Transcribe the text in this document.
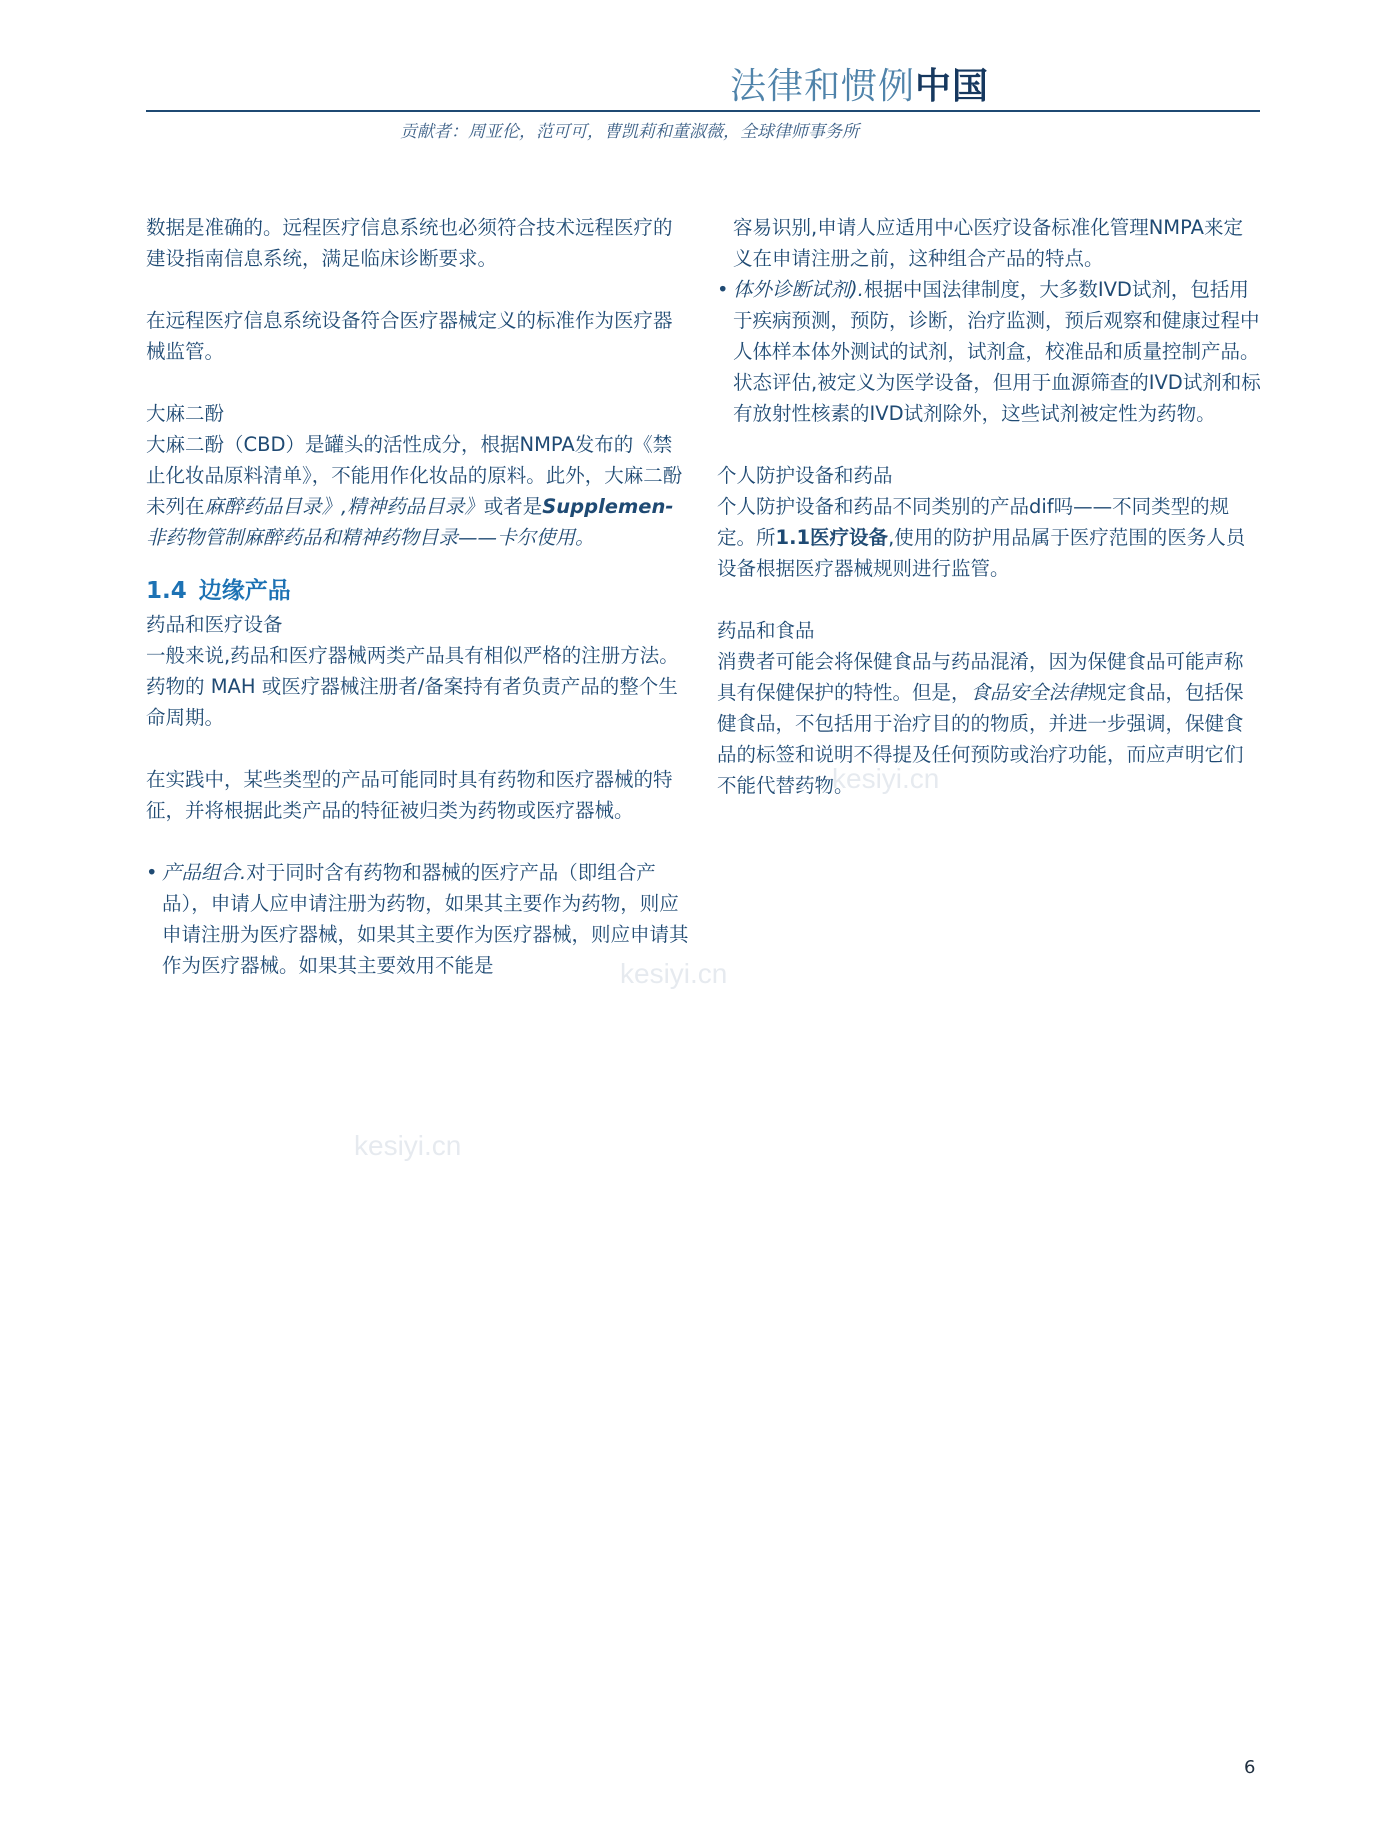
法律和惯例中国
贡献者：周亚伦，范可可，曹凯莉和董淑薇，全球律师事务所
kesiyi.cn
kesiyi.cn
kesiyi.cn

数据是准确的。远程医疗信息系统也必须符合技术远程医疗的建设指南信息系统，满足临床诊断要求。

在远程医疗信息系统设备符合医疗器械定义的标准作为医疗器械监管。

大麻二酚

大麻二酚（CBD）是罐头的活性成分，根据NMPA发布的《禁止化妆品原料清单》，不能用作化妆品的原料。此外，大麻二酚未列在麻醉药品目录》,精神药品目录》或者是Supplemen-非药物管制麻醉药品和精神药物目录——卡尔使用。

1.4 边缘产品

药品和医疗设备

一般来说,药品和医疗器械两类产品具有相似严格的注册方法。药物的 MAH 或医疗器械注册者/备案持有者负责产品的整个生命周期。

在实践中，某些类型的产品可能同时具有药物和医疗器械的特征，并将根据此类产品的特征被归类为药物或医疗器械。

• 产品组合.对于同时含有药物和器械的医疗产品（即组合产品），申请人应申请注册为药物，如果其主要作为药物，则应申请注册为医疗器械，如果其主要作为医疗器械，则应申请其作为医疗器械。如果其主要效用不能是

容易识别,申请人应适用中心医疗设备标准化管理NMPA来定义在申请注册之前，这种组合产品的特点。

• 体外诊断试剂).根据中国法律制度，大多数IVD试剂，包括用于疾病预测，预防，诊断，治疗监测，预后观察和健康过程中人体样本体外测试的试剂，试剂盒，校准品和质量控制产品。状态评估,被定义为医学设备，但用于血源筛查的IVD试剂和标有放射性核素的IVD试剂除外，这些试剂被定性为药物。

个人防护设备和药品

个人防护设备和药品不同类别的产品dif吗——不同类型的规定。所1.1医疗设备,使用的防护用品属于医疗范围的医务人员设备根据医疗器械规则进行监管。

药品和食品

消费者可能会将保健食品与药品混淆，因为保健食品可能声称具有保健保护的特性。但是，食品安全法律规定食品，包括保健食品，不包括用于治疗目的的物质，并进一步强调，保健食品的标签和说明不得提及任何预防或治疗功能，而应声明它们不能代替药物。

6
